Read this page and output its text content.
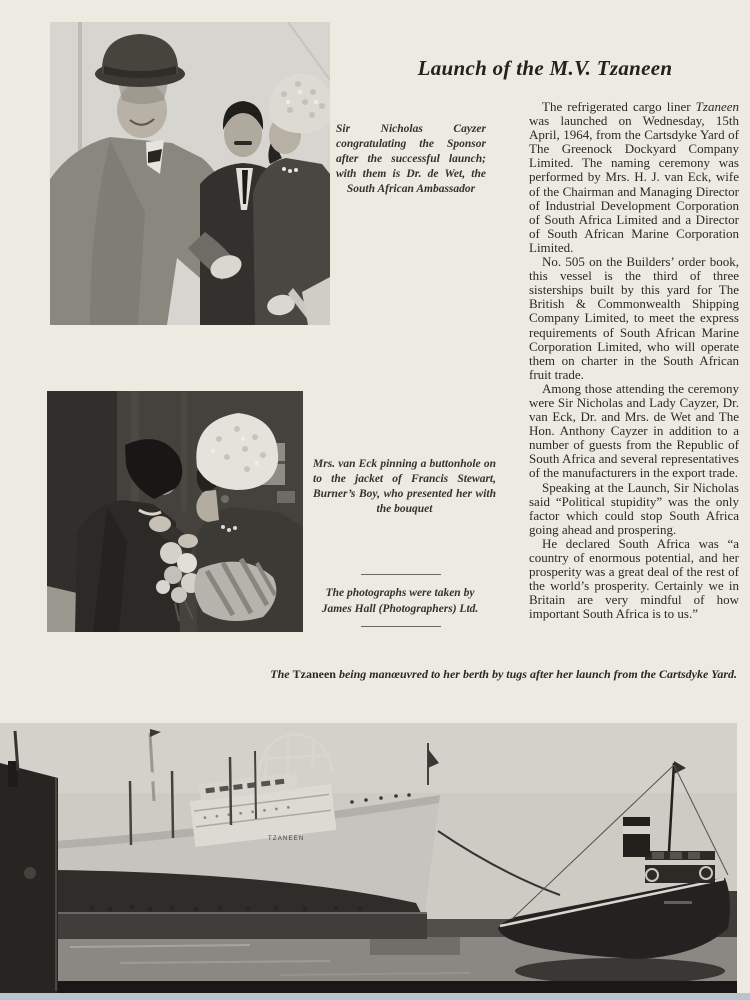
Sir Nicholas Cayzer congratulating the Sponsor after the successful launch; with them is Dr. de Wet, the South African Ambassador
Launch of the M.V. Tzaneen

The refrigerated cargo liner Tzaneen was launched on Wednesday, 15th April, 1964, from the Cartsdyke Yard of The Greenock Dockyard Company Limited. The naming ceremony was performed by Mrs. H. J. van Eck, wife of the Chairman and Managing Director of Industrial Development Corporation of South Africa Limited and a Director of South African Marine Corporation Limited.

No. 505 on the Builders’ order book, this vessel is the third of three sisterships built by this yard for The British & Commonwealth Shipping Company Limited, to meet the express requirements of South African Marine Corporation Limited, who will operate them on charter in the South African fruit trade.

Among those attending the ceremony were Sir Nicholas and Lady Cayzer, Dr. van Eck, Dr. and Mrs. de Wet and The Hon. Anthony Cayzer in addition to a number of guests from the Republic of South Africa and several representatives of the manufacturers in the export trade.

Speaking at the Launch, Sir Nicholas said “Political stupidity” was the only factor which could stop South Africa going ahead and prospering.

He declared South Africa was “a country of enormous potential, and her prosperity was a great deal of the rest of the world’s prosperity. Certainly we in Britain are very mindful of how important South Africa is to us.”

Mrs. van Eck pinning a buttonhole on to the jacket of Francis Stewart, Burner’s Boy, who presented her with the bouquet
The photographs were taken by
James Hall (Photographers) Ltd.
The Tzaneen being manœuvred to her berth by tugs after her launch from the Cartsdyke Yard.
TZANEEN
